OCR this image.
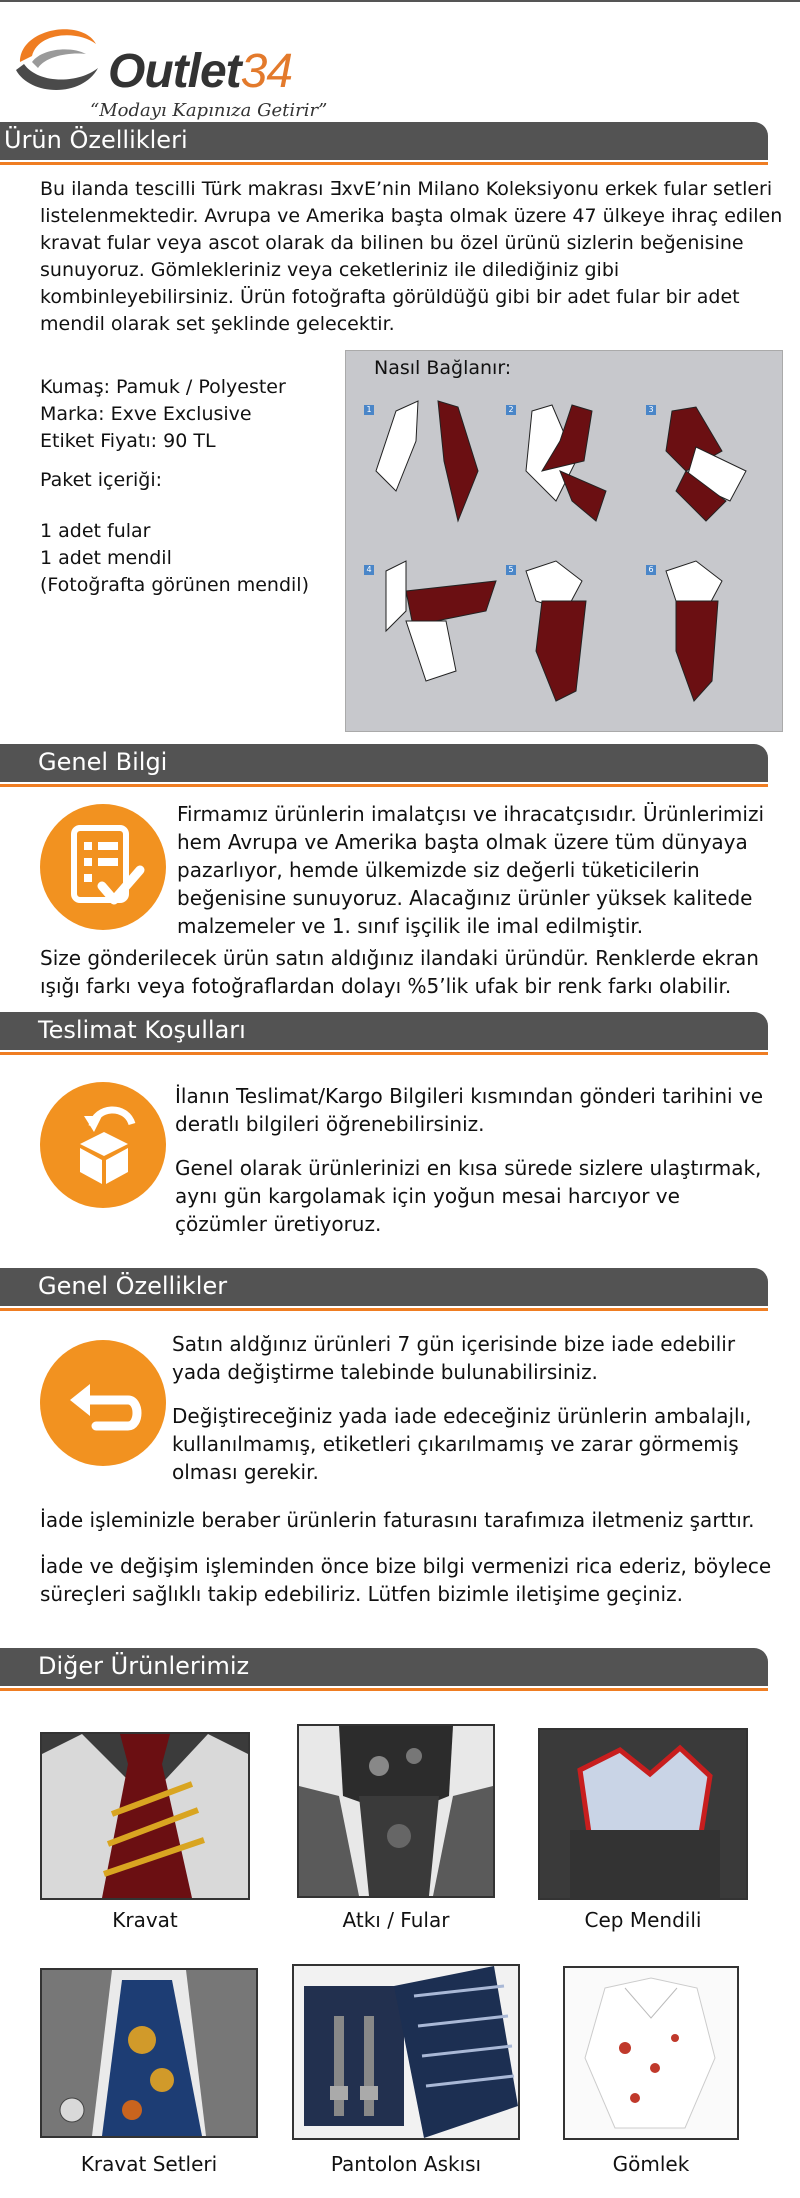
Outlet34
“Modayı Kapınıza Getirir”
Ürün Özellikleri

Bu ilanda tescilli Türk makrası ∃xvE’nin Milano Koleksiyonu erkek fular setleri listelenmektedir. Avrupa ve Amerika başta olmak üzere 47 ülkeye ihraç edilen kravat fular veya ascot olarak da bilinen bu özel ürünü sizlerin beğenisine sunuyoruz. Gömlekleriniz veya ceketleriniz ile dilediğiniz gibi kombinleyebilirsiniz. Ürün fotoğrafta görüldüğü gibi bir adet fular bir adet mendil olarak set şeklinde gelecektir.

Kumaş: Pamuk / Polyester
Marka: Exve Exclusive
Etiket Fiyatı: 90 TL
Paket içeriği:
1 adet fular
1 adet mendil
(Fotoğrafta görünen mendil)
Nasıl Bağlanır:
1	2	3
4	5	6
Genel Bilgi

Firmamız ürünlerin imalatçısı ve ihracatçısıdır. Ürünlerimizi hem Avrupa ve Amerika başta olmak üzere tüm dünyaya pazarlıyor, hemde ülkemizde siz değerli tüketicilerin beğenisine sunuyoruz. Alacağınız ürünler yüksek kalitede malzemeler ve 1. sınıf işçilik ile imal edilmiştir.

Size gönderilecek ürün satın aldığınız ilandaki üründür. Renklerde ekran ışığı farkı veya fotoğraflardan dolayı %5’lik ufak bir renk farkı olabilir.

Teslimat Koşulları

İlanın Teslimat/Kargo Bilgileri kısmından gönderi tarihini ve deratlı bilgileri öğrenebilirsiniz.

Genel olarak ürünlerinizi en kısa sürede sizlere ulaştırmak, aynı gün kargolamak için yoğun mesai harcıyor ve çözümler üretiyoruz.

Genel Özellikler

Satın aldğınız ürünleri 7 gün içerisinde bize iade edebilir yada değiştirme talebinde bulunabilirsiniz.

Değiştireceğiniz yada iade edeceğiniz ürünlerin ambalajlı, kullanılmamış, etiketleri çıkarılmamış ve zarar görmemiş olması gerekir.

İade işleminizle beraber ürünlerin faturasını tarafımıza iletmeniz şarttır.

İade ve değişim işleminden önce bize bilgi vermenizi rica ederiz, böylece süreçleri sağlıklı takip edebiliriz. Lütfen bizimle iletişime geçiniz.

Diğer Ürünlerimiz
Kravat	Atkı / Fular	Cep Mendili
Kravat Setleri	Pantolon Askısı	Gömlek
